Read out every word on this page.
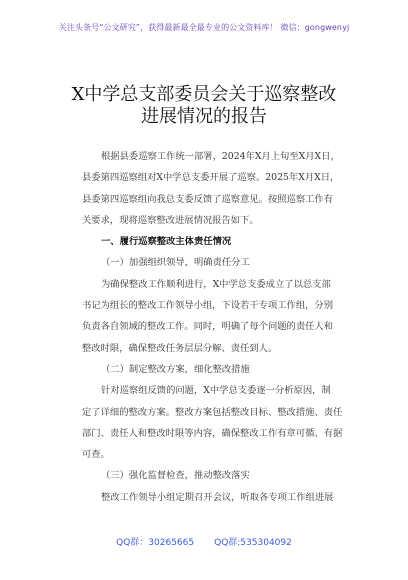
关注头条号“公文研究”，获得最新最全最专业的公文资料库！ 微信：gongwenyj
X中学总支部委员会关于巡察整改
进展情况的报告
根据县委巡察工作统一部署，2024年X月上旬至X月X日，
县委第四巡察组对X中学总支委开展了巡察。2025年X月X日，
县委第四巡察组向我总支委反馈了巡察意见。按照巡察工作有
关要求，现将巡察整改进展情况报告如下。
一、履行巡察整改主体责任情况
（一）加强组织领导，明确责任分工
为确保整改工作顺利进行，X中学总支委成立了以总支部
书记为组长的整改工作领导小组，下设若干专项工作组，分别
负责各自领域的整改工作。同时，明确了每个问题的责任人和
整改时限，确保整改任务层层分解、责任到人。
（二）制定整改方案，细化整改措施
针对巡察组反馈的问题，X中学总支委逐一分析原因，制
定了详细的整改方案。整改方案包括整改目标、整改措施、责任
部门、责任人和整改时限等内容，确保整改工作有章可循、有据
可查。
（三）强化监督检查，推动整改落实
整改工作领导小组定期召开会议，听取各专项工作组进展
QQ群：30265665 QQ群:535304092
